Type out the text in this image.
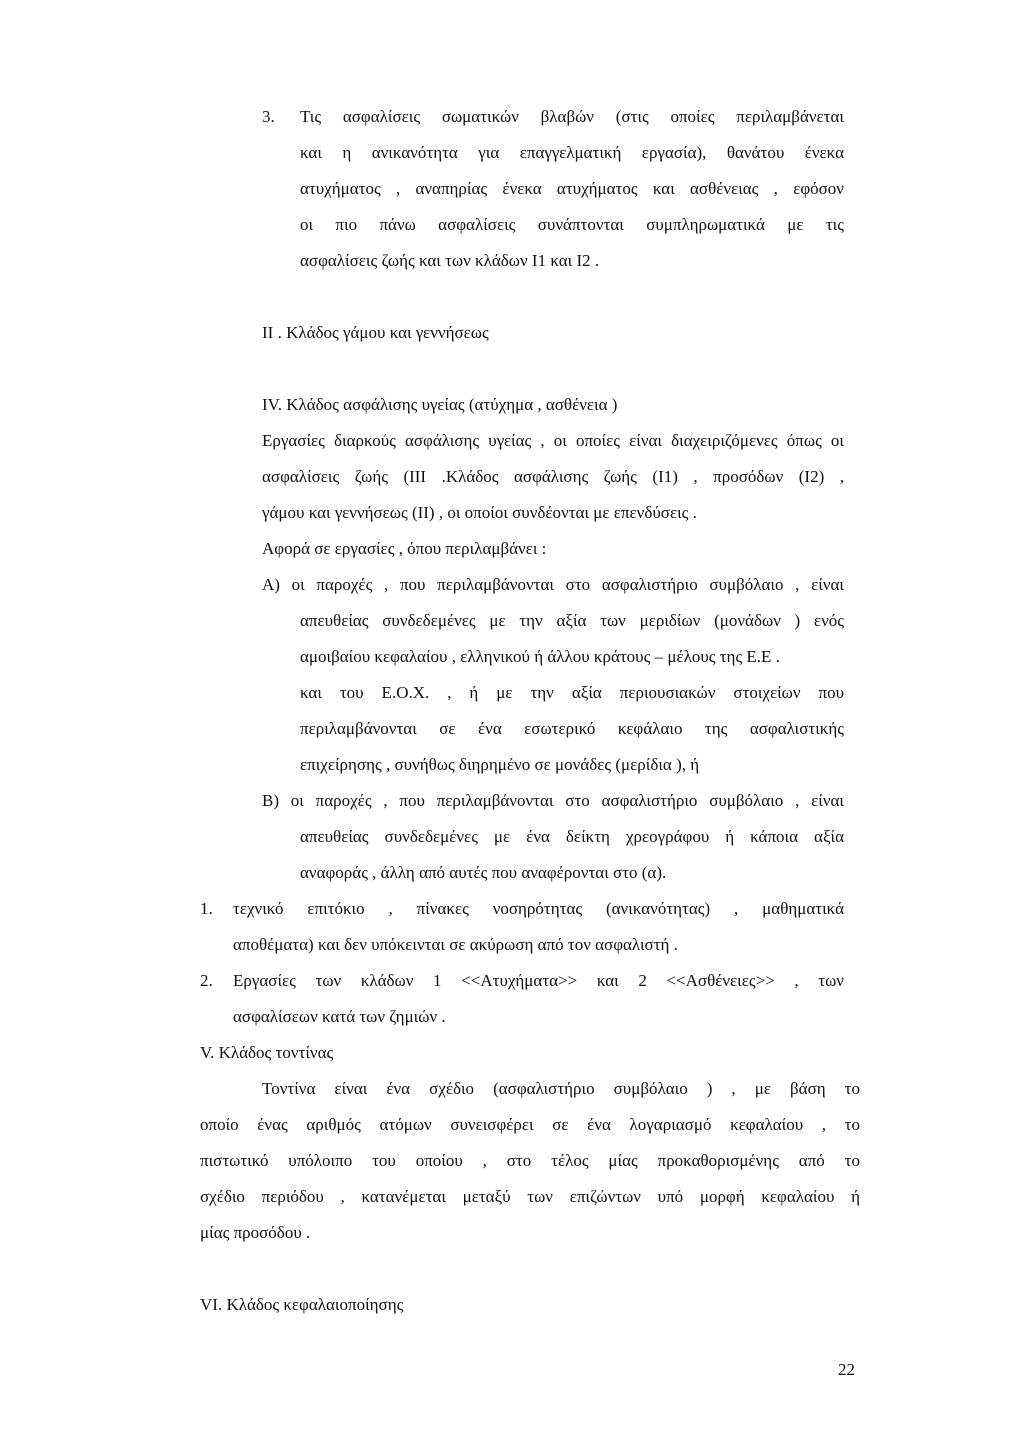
3. Τις ασφαλίσεις σωματικών βλαβών (στις οποίες περιλαμβάνεται

και η ανικανότητα για επαγγελματική εργασία), θανάτου ένεκα

ατυχήματος , αναπηρίας ένεκα ατυχήματος και ασθένειας , εφόσον

οι πιο πάνω ασφαλίσεις συνάπτονται συμπληρωματικά με τις

ασφαλίσεις ζωής και των κλάδων Ι1 και Ι2 .

ΙΙ . Κλάδος γάμου και γεννήσεως

ΙV. Κλάδος ασφάλισης υγείας (ατύχημα , ασθένεια )

Εργασίες διαρκούς ασφάλισης υγείας , οι οποίες είναι διαχειριζόμενες όπως οι

ασφαλίσεις ζωής (ΙΙΙ .Κλάδος ασφάλισης ζωής (Ι1) , προσόδων (Ι2) ,

γάμου και γεννήσεως (ΙΙ) , οι οποίοι συνδέονται με επενδύσεις .

Αφορά σε εργασίες , όπου περιλαμβάνει :

Α) οι παροχές , που περιλαμβάνονται στο ασφαλιστήριο συμβόλαιο , είναι

απευθείας συνδεδεμένες με την αξία των μεριδίων (μονάδων ) ενός

αμοιβαίου κεφαλαίου , ελληνικού ή άλλου κράτους – μέλους της Ε.Ε .

και του Ε.Ο.Χ. , ή με την αξία περιουσιακών στοιχείων που

περιλαμβάνονται σε ένα εσωτερικό κεφάλαιο της ασφαλιστικής

επιχείρησης , συνήθως διηρημένο σε μονάδες (μερίδια ), ή

Β) οι παροχές , που περιλαμβάνονται στο ασφαλιστήριο συμβόλαιο , είναι

απευθείας συνδεδεμένες με ένα δείκτη χρεογράφου ή κάποια αξία

αναφοράς , άλλη από αυτές που αναφέρονται στο (α).

1. τεχνικό επιτόκιο , πίνακες νοσηρότητας (ανικανότητας) , μαθηματικά

αποθέματα) και δεν υπόκεινται σε ακύρωση από τον ασφαλιστή .

2. Εργασίες των κλάδων 1 <<Ατυχήματα>> και 2 <<Ασθένειες>> , των

ασφαλίσεων κατά των ζημιών .

V. Κλάδος τοντίνας

Τοντίνα είναι ένα σχέδιο (ασφαλιστήριο συμβόλαιο ) , με βάση το

οποίο ένας αριθμός ατόμων συνεισφέρει σε ένα λογαριασμό κεφαλαίου , το

πιστωτικό υπόλοιπο του οποίου , στο τέλος μίας προκαθορισμένης από το

σχέδιο περιόδου , κατανέμεται μεταξύ των επιζώντων υπό μορφή κεφαλαίου ή

μίας προσόδου .

VΙ. Κλάδος κεφαλαιοποίησης

22
